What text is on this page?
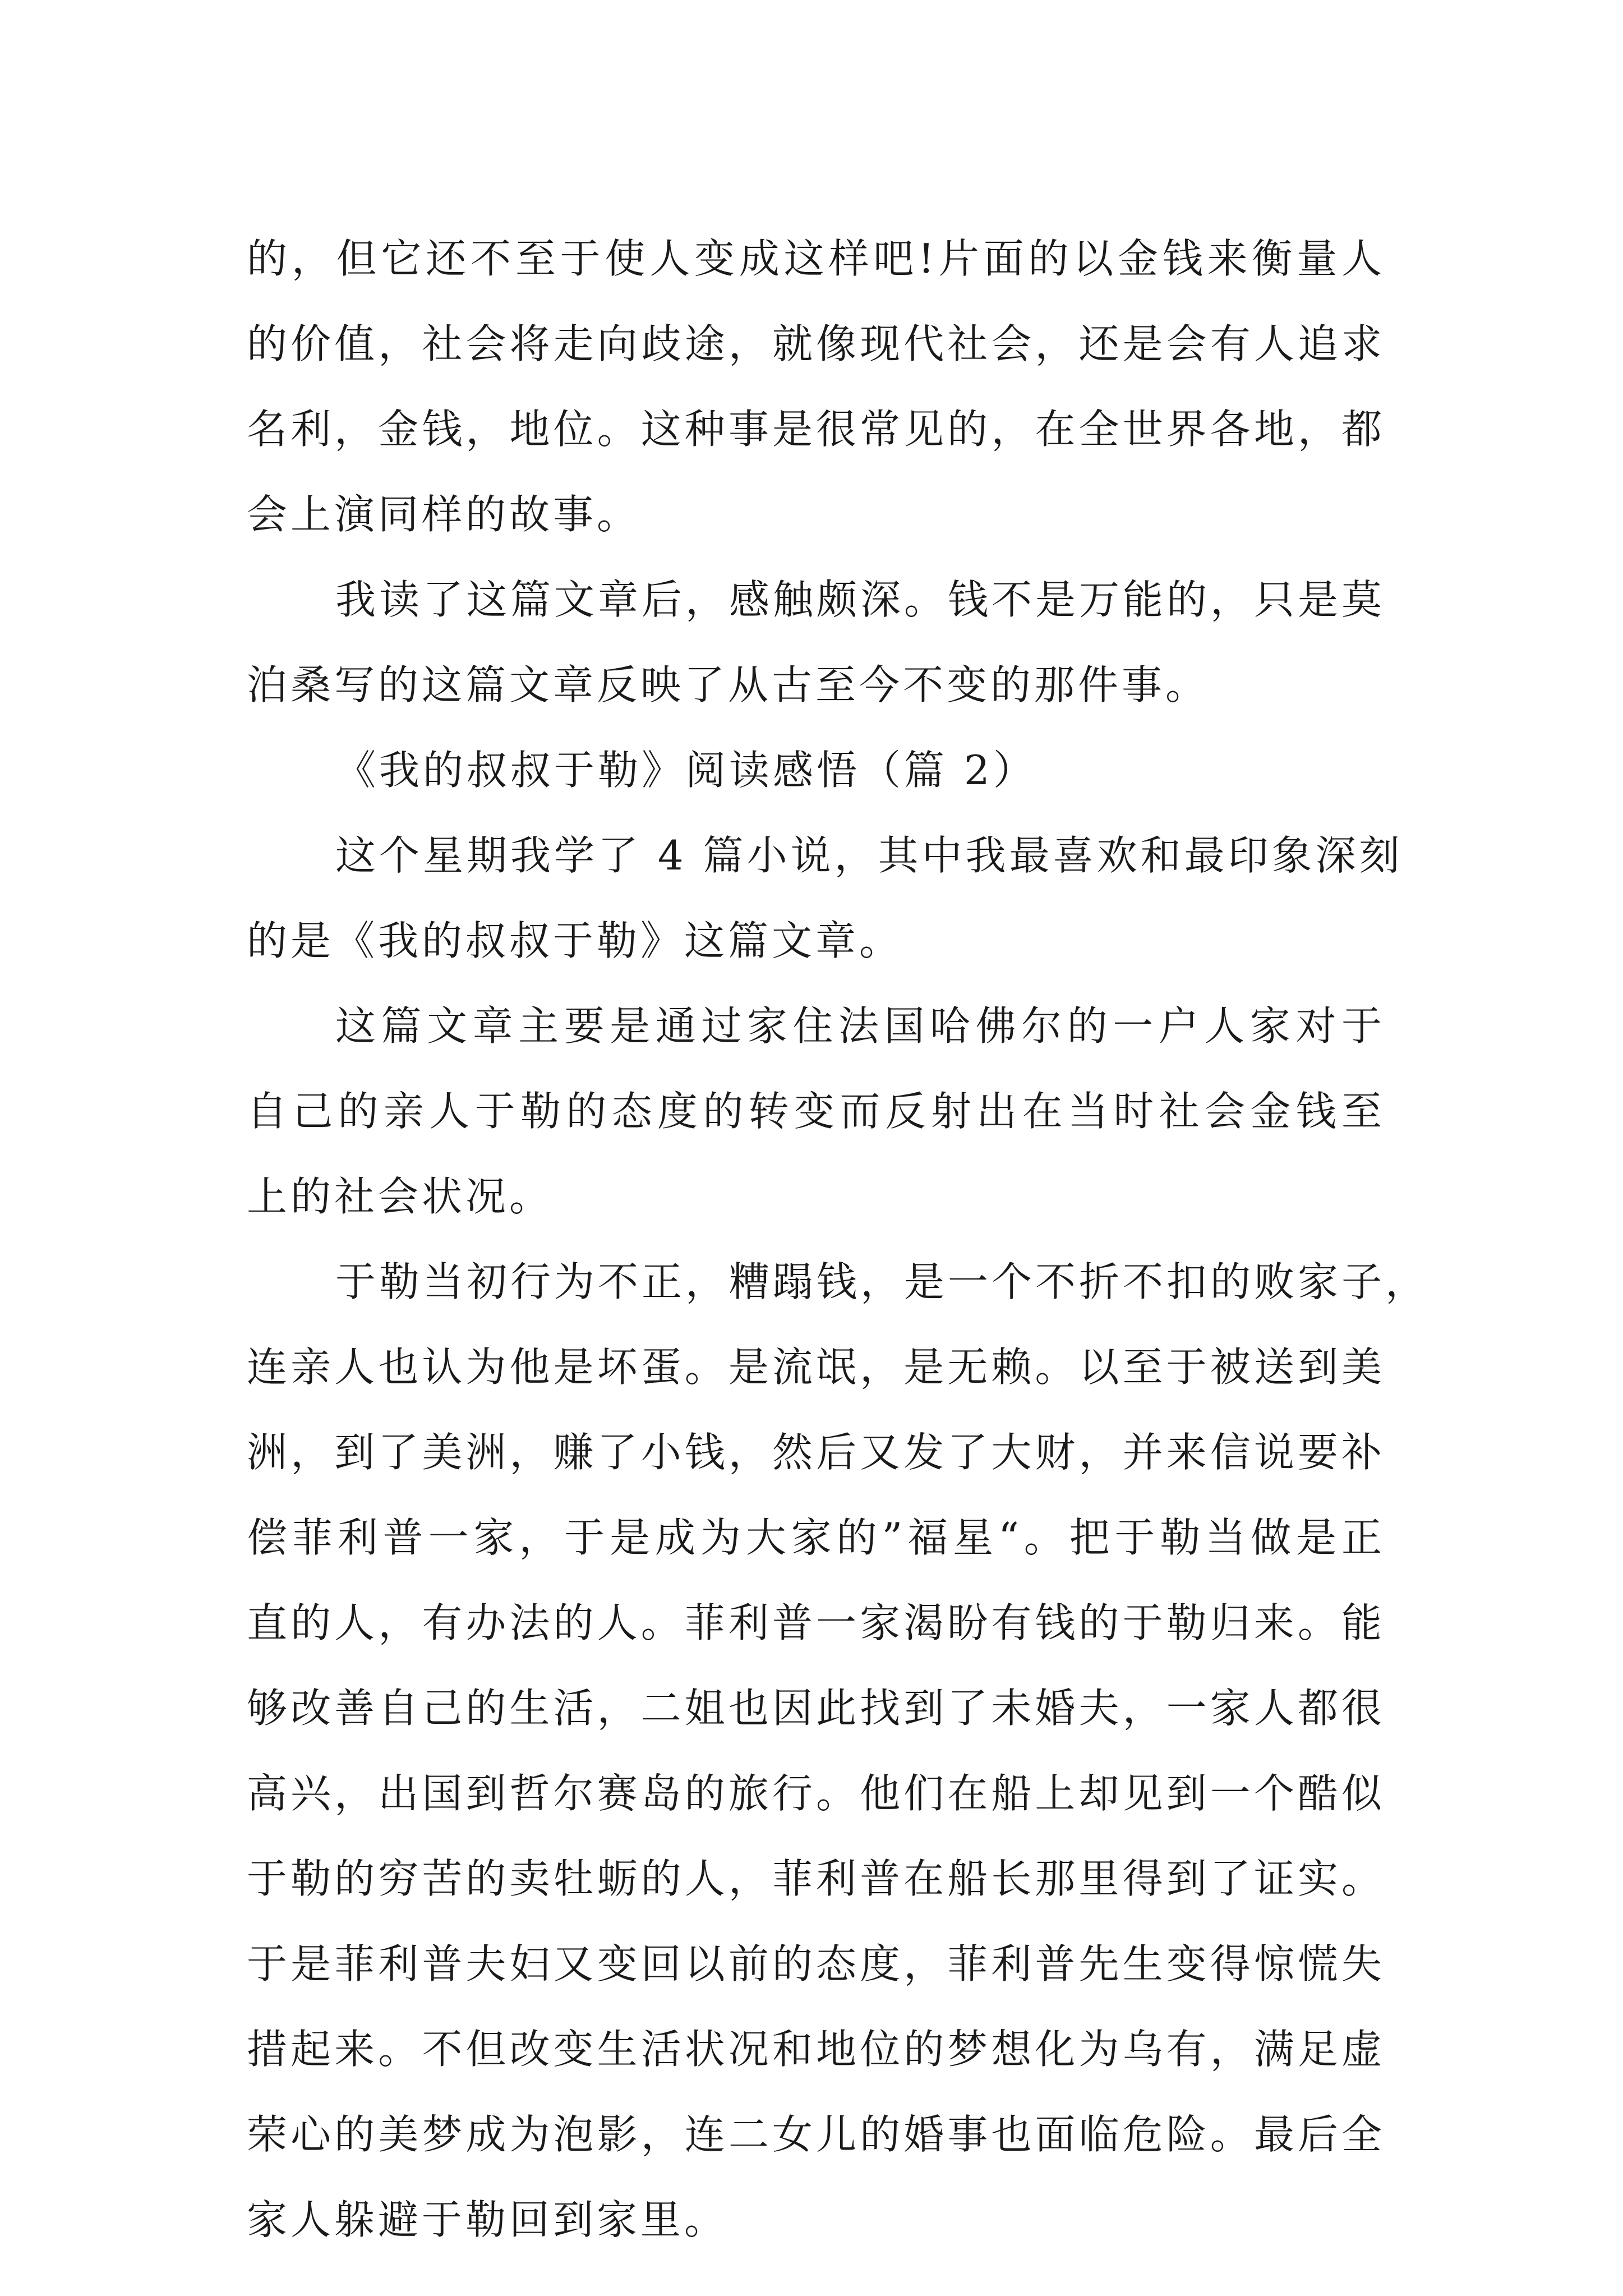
的，但它还不至于使人变成这样吧!片面的以金钱来衡量人
的价值，社会将走向歧途，就像现代社会，还是会有人追求
名利，金钱，地位。这种事是很常见的，在全世界各地，都
会上演同样的故事。
我读了这篇文章后，感触颇深。钱不是万能的，只是莫
泊桑写的这篇文章反映了从古至今不变的那件事。
《我的叔叔于勒》阅读感悟（篇 2）
这个星期我学了 4 篇小说，其中我最喜欢和最印象深刻
的是《我的叔叔于勒》这篇文章。
这篇文章主要是通过家住法国哈佛尔的一户人家对于
自己的亲人于勒的态度的转变而反射出在当时社会金钱至
上的社会状况。
于勒当初行为不正，糟蹋钱，是一个不折不扣的败家子，
连亲人也认为他是坏蛋。是流氓，是无赖。以至于被送到美
洲，到了美洲，赚了小钱，然后又发了大财，并来信说要补
偿菲利普一家，于是成为大家的”福星“。把于勒当做是正
直的人，有办法的人。菲利普一家渴盼有钱的于勒归来。能
够改善自己的生活，二姐也因此找到了未婚夫，一家人都很
高兴，出国到哲尔赛岛的旅行。他们在船上却见到一个酷似
于勒的穷苦的卖牡蛎的人，菲利普在船长那里得到了证实。
于是菲利普夫妇又变回以前的态度，菲利普先生变得惊慌失
措起来。不但改变生活状况和地位的梦想化为乌有，满足虚
荣心的美梦成为泡影，连二女儿的婚事也面临危险。最后全
家人躲避于勒回到家里。
